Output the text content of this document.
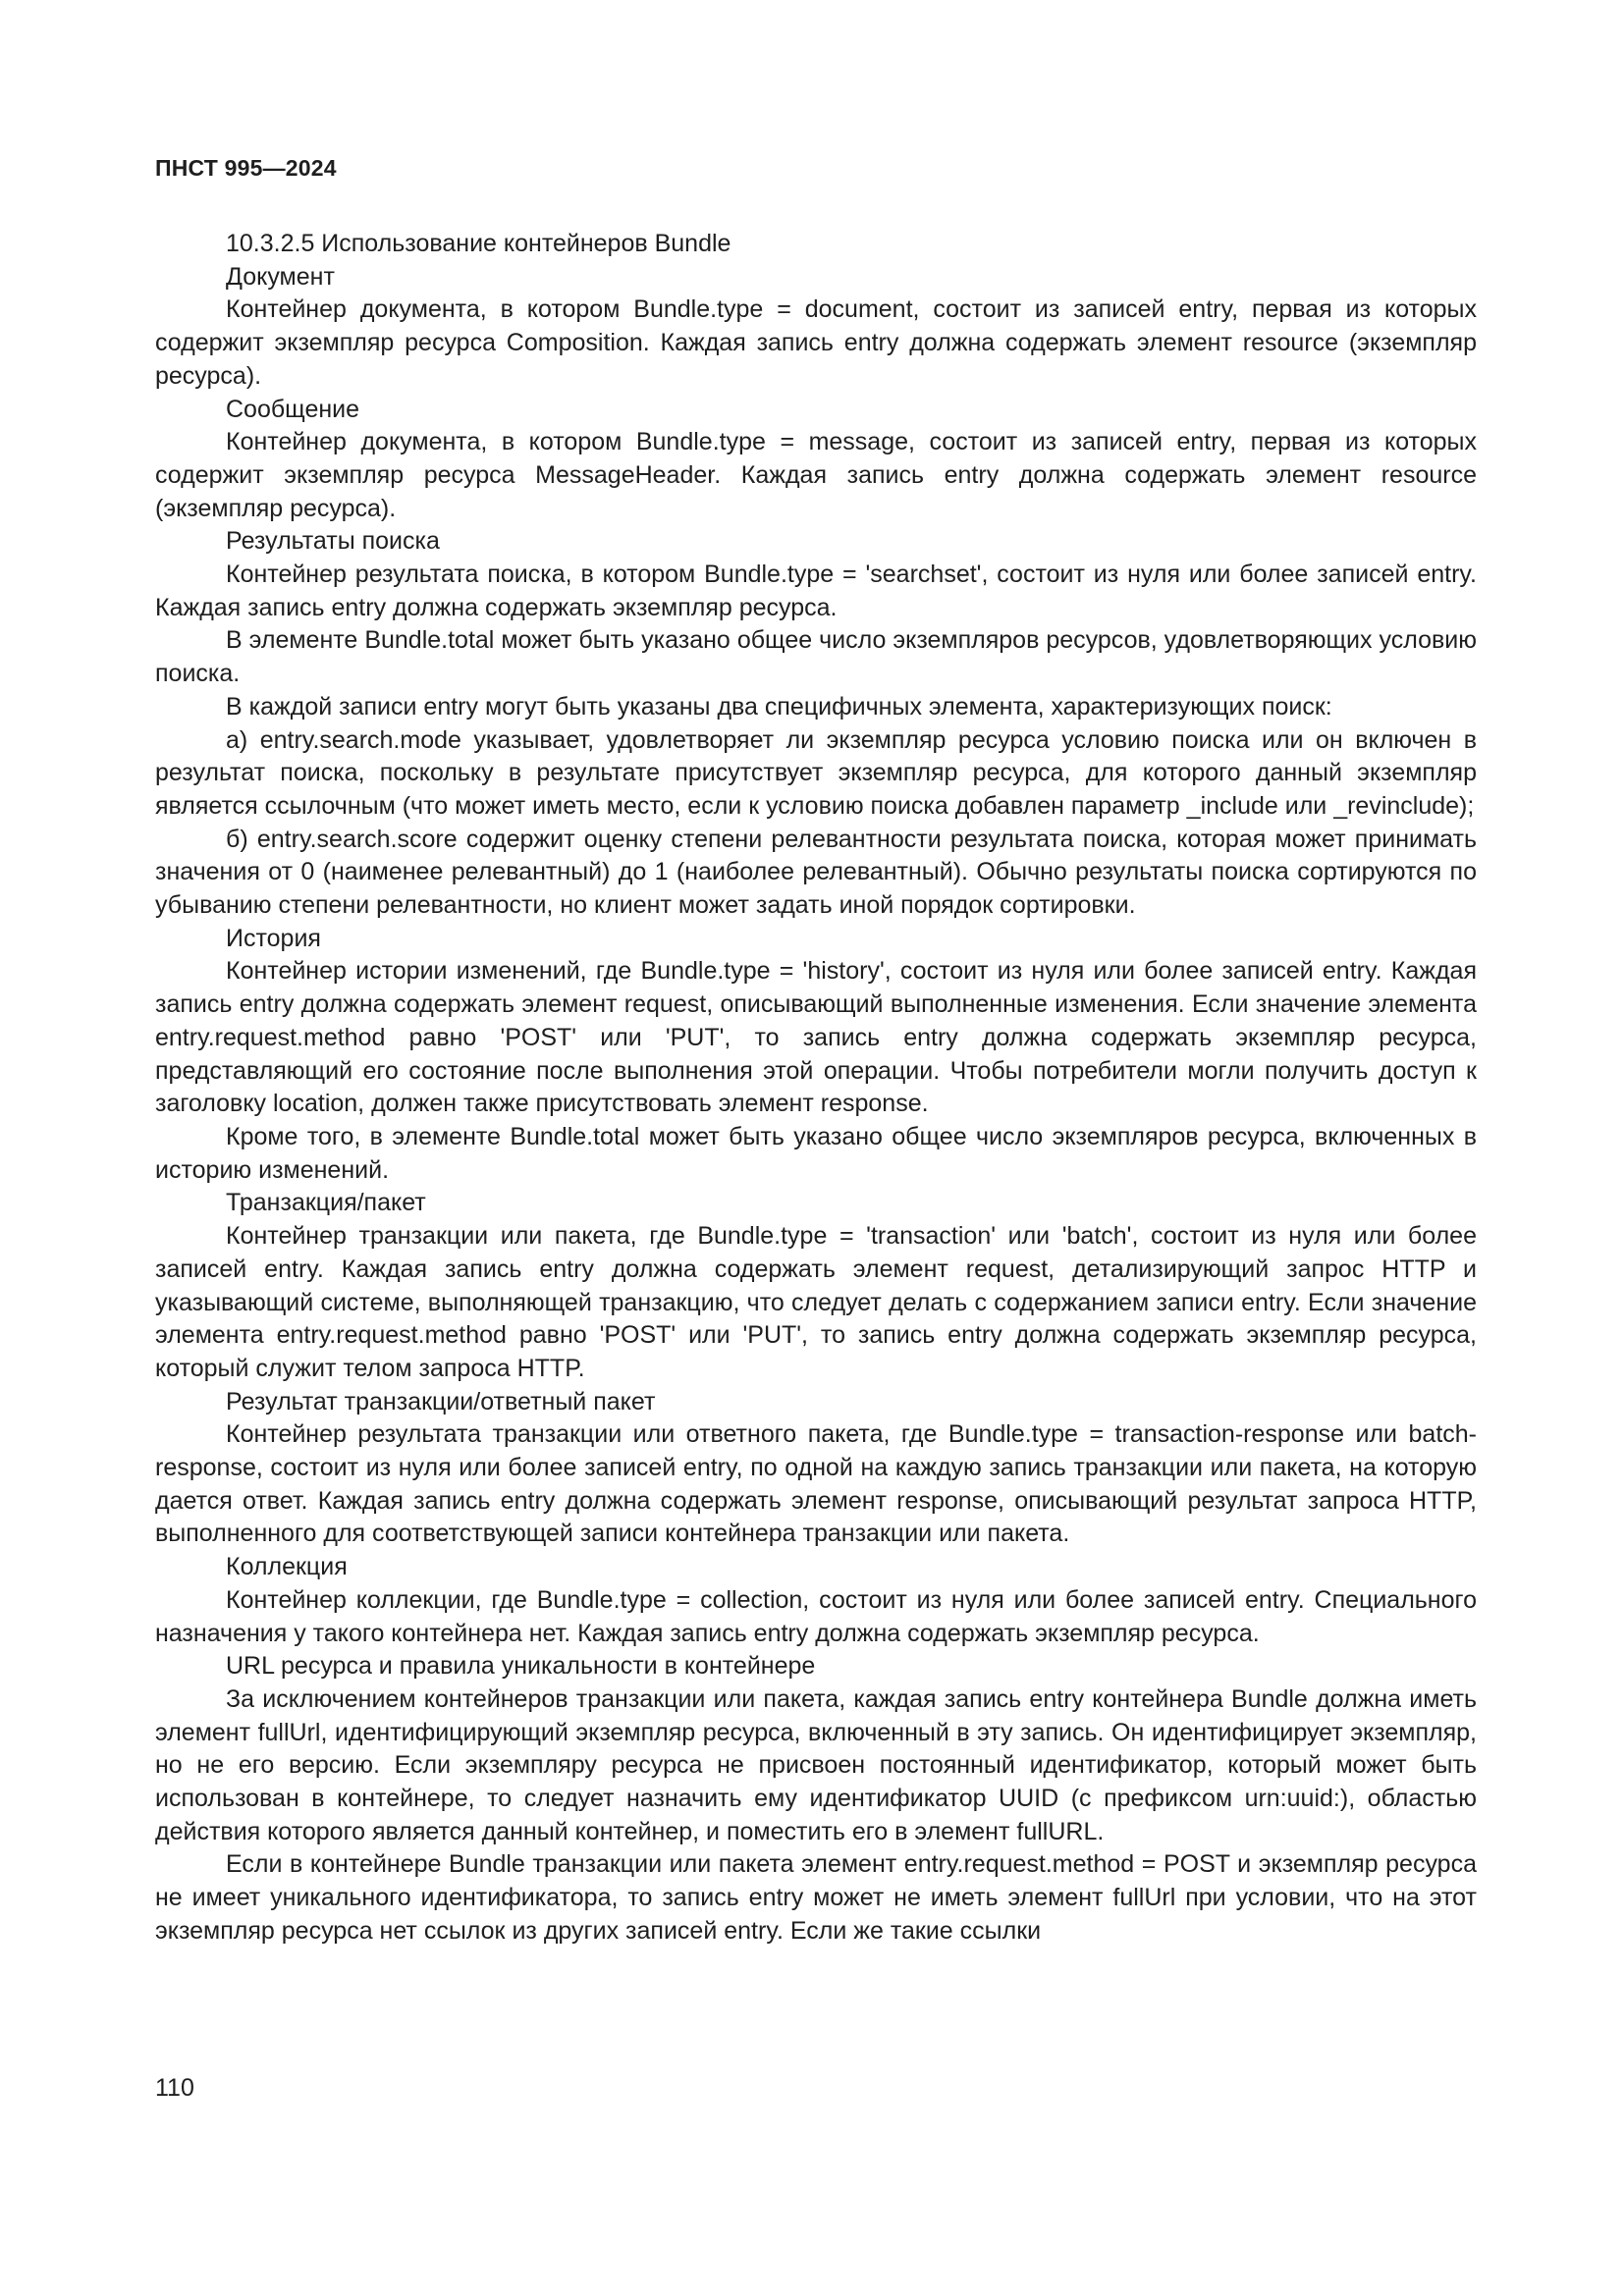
ПНСТ 995—2024

10.3.2.5 Использование контейнеров Bundle

Документ

Контейнер документа, в котором Bundle.type = document, состоит из записей entry, первая из которых содержит экземпляр ресурса Composition. Каждая запись entry должна содержать элемент resource (экземпляр ресурса).

Сообщение

Контейнер документа, в котором Bundle.type = message, состоит из записей entry, первая из которых содержит экземпляр ресурса MessageHeader. Каждая запись entry должна содержать элемент resource (экземпляр ресурса).

Результаты поиска

Контейнер результата поиска, в котором Bundle.type = 'searchset', состоит из нуля или более записей entry. Каждая запись entry должна содержать экземпляр ресурса.

В элементе Bundle.total может быть указано общее число экземпляров ресурсов, удовлетворяющих условию поиска.

В каждой записи entry могут быть указаны два специфичных элемента, характеризующих поиск:

а) entry.search.mode указывает, удовлетворяет ли экземпляр ресурса условию поиска или он включен в результат поиска, поскольку в результате присутствует экземпляр ресурса, для которого данный экземпляр является ссылочным (что может иметь место, если к условию поиска добавлен параметр _include или _revinclude);

б) entry.search.score содержит оценку степени релевантности результата поиска, которая может принимать значения от 0 (наименее релевантный) до 1 (наиболее релевантный). Обычно результаты поиска сортируются по убыванию степени релевантности, но клиент может задать иной порядок сортировки.

История

Контейнер истории изменений, где Bundle.type = 'history', состоит из нуля или более записей entry. Каждая запись entry должна содержать элемент request, описывающий выполненные изменения. Если значение элемента entry.request.method равно 'POST' или 'PUT', то запись entry должна содержать экземпляр ресурса, представляющий его состояние после выполнения этой операции. Чтобы потребители могли получить доступ к заголовку location, должен также присутствовать элемент response.

Кроме того, в элементе Bundle.total может быть указано общее число экземпляров ресурса, включенных в историю изменений.

Транзакция/пакет

Контейнер транзакции или пакета, где Bundle.type = 'transaction' или 'batch', состоит из нуля или более записей entry. Каждая запись entry должна содержать элемент request, детализирующий запрос HTTP и указывающий системе, выполняющей транзакцию, что следует делать с содержанием записи entry. Если значение элемента entry.request.method равно 'POST' или 'PUT', то запись entry должна содержать экземпляр ресурса, который служит телом запроса HTTP.

Результат транзакции/ответный пакет

Контейнер результата транзакции или ответного пакета, где Bundle.type = transaction-response или batch-response, состоит из нуля или более записей entry, по одной на каждую запись транзакции или пакета, на которую дается ответ. Каждая запись entry должна содержать элемент response, описывающий результат запроса HTTP, выполненного для соответствующей записи контейнера транзакции или пакета.

Коллекция

Контейнер коллекции, где Bundle.type = collection, состоит из нуля или более записей entry. Специального назначения у такого контейнера нет. Каждая запись entry должна содержать экземпляр ресурса.

URL ресурса и правила уникальности в контейнере

За исключением контейнеров транзакции или пакета, каждая запись entry контейнера Bundle должна иметь элемент fullUrl, идентифицирующий экземпляр ресурса, включенный в эту запись. Он идентифицирует экземпляр, но не его версию. Если экземпляру ресурса не присвоен постоянный идентификатор, который может быть использован в контейнере, то следует назначить ему идентификатор UUID (с префиксом urn:uuid:), областью действия которого является данный контейнер, и поместить его в элемент fullURL.

Если в контейнере Bundle транзакции или пакета элемент entry.request.method = POST и экземпляр ресурса не имеет уникального идентификатора, то запись entry может не иметь элемент fullUrl при условии, что на этот экземпляр ресурса нет ссылок из других записей entry. Если же такие ссылки

110
